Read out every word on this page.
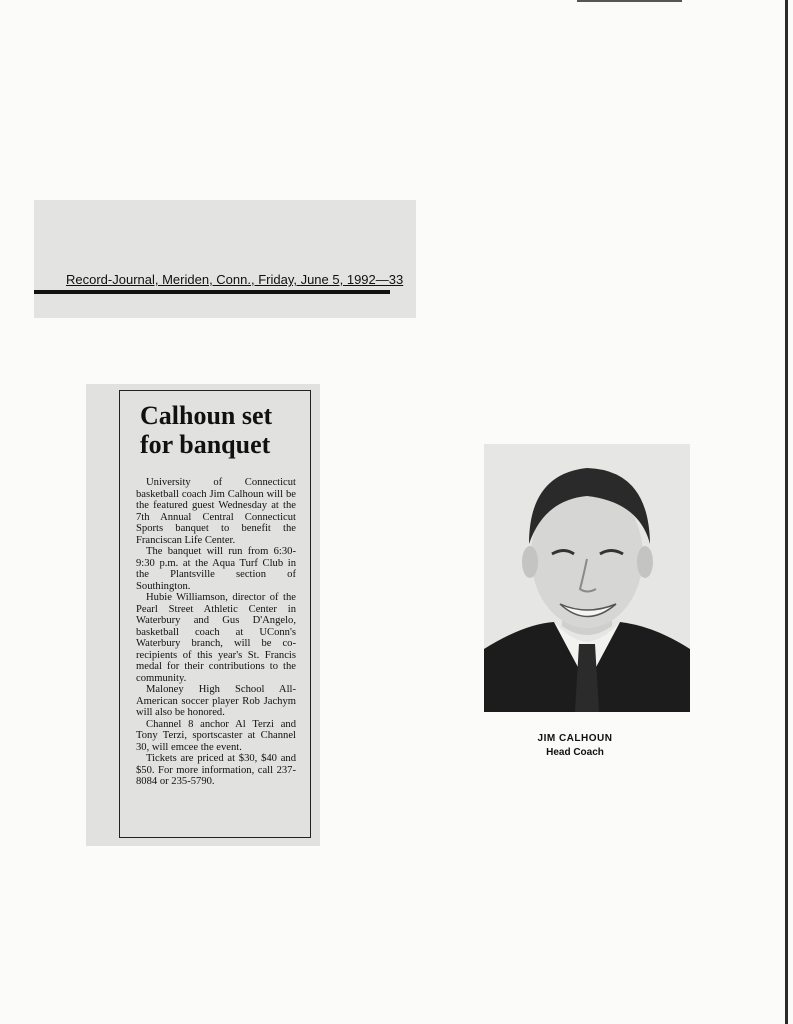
Record-Journal, Meriden, Conn., Friday, June 5, 1992—33
Calhoun set
for banquet

University of Connecticut basketball coach Jim Calhoun will be the featured guest Wednesday at the 7th Annual Central Connecticut Sports banquet to benefit the Franciscan Life Center.

The banquet will run from 6:30-9:30 p.m. at the Aqua Turf Club in the Plantsville section of Southington.

Hubie Williamson, director of the Pearl Street Athletic Center in Waterbury and Gus D'Angelo, basketball coach at UConn's Waterbury branch, will be co-recipients of this year's St. Francis medal for their contributions to the community.

Maloney High School All-American soccer player Rob Jachym will also be honored.

Channel 8 anchor Al Terzi and Tony Terzi, sportscaster at Channel 30, will emcee the event.

Tickets are priced at $30, $40 and $50. For more information, call 237-8084 or 235-5790.

JIM CALHOUN
Head Coach
